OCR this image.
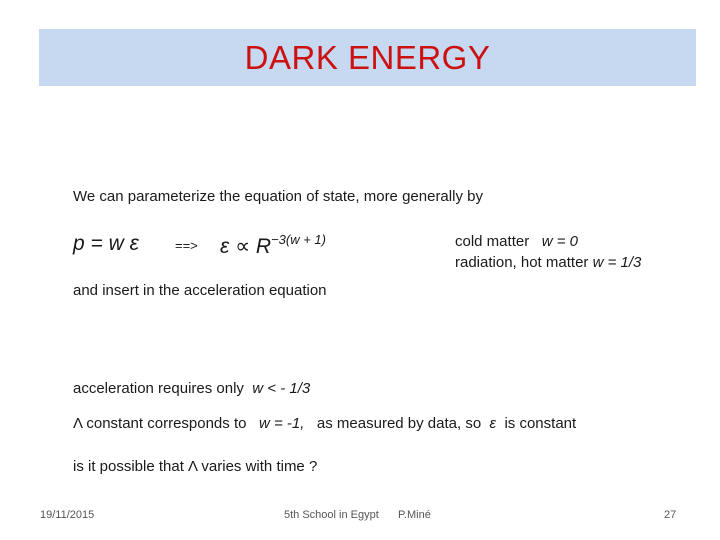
DARK ENERGY
We can parameterize the equation of state, more generally by
p = w ε	==> $\varepsilon \propto R^{-3(w + 1)}$	cold matter w = 0
radiation, hot matter w = 1/3
and insert in the acceleration equation
acceleration requires only w < - 1/3
Λ constant corresponds to w = -1, as measured by data, so ε is constant
is it possible that Λ varies with time ?
19/11/2015	5th School in Egypt P.Miné	27
